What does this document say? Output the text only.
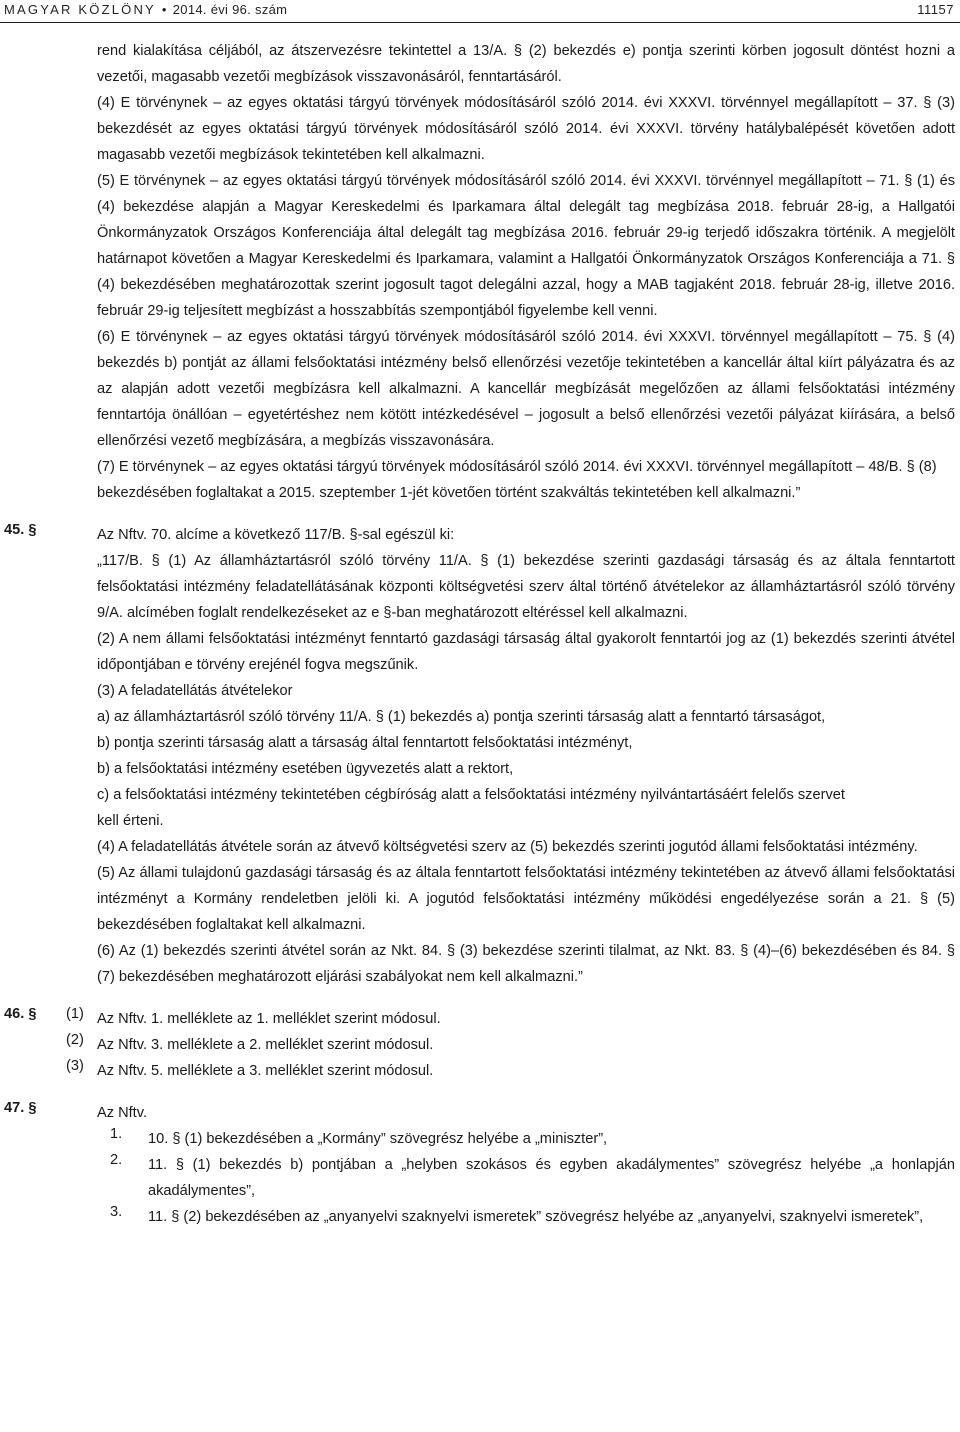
MAGYAR KÖZLÖNY • 2014. évi 96. szám	11157
rend kialakítása céljából, az átszervezésre tekintettel a 13/A. § (2) bekezdés e) pontja szerinti körben jogosult döntést hozni a vezetői, magasabb vezetői megbízások visszavonásáról, fenntartásáról.
(4) E törvénynek – az egyes oktatási tárgyú törvények módosításáról szóló 2014. évi XXXVI. törvénnyel megállapított – 37. § (3) bekezdését az egyes oktatási tárgyú törvények módosításáról szóló 2014. évi XXXVI. törvény hatálybalépését követően adott magasabb vezetői megbízások tekintetében kell alkalmazni.
(5) E törvénynek – az egyes oktatási tárgyú törvények módosításáról szóló 2014. évi XXXVI. törvénnyel megállapított – 71. § (1) és (4) bekezdése alapján a Magyar Kereskedelmi és Iparkamara által delegált tag megbízása 2018. február 28-ig, a Hallgatói Önkormányzatok Országos Konferenciája által delegált tag megbízása 2016. február 29-ig terjedő időszakra történik. A megjelölt határnapot követően a Magyar Kereskedelmi és Iparkamara, valamint a Hallgatói Önkormányzatok Országos Konferenciája a 71. § (4) bekezdésében meghatározottak szerint jogosult tagot delegálni azzal, hogy a MAB tagjaként 2018. február 28-ig, illetve 2016. február 29-ig teljesített megbízást a hosszabbítás szempontjából figyelembe kell venni.
(6) E törvénynek – az egyes oktatási tárgyú törvények módosításáról szóló 2014. évi XXXVI. törvénnyel megállapított – 75. § (4) bekezdés b) pontját az állami felsőoktatási intézmény belső ellenőrzési vezetője tekintetében a kancellár által kiírt pályázatra és az az alapján adott vezetői megbízásra kell alkalmazni. A kancellár megbízását megelőzően az állami felsőoktatási intézmény fenntartója önállóan – egyetértéshez nem kötött intézkedésével – jogosult a belső ellenőrzési vezetői pályázat kiírására, a belső ellenőrzési vezető megbízására, a megbízás visszavonására.
(7) E törvénynek – az egyes oktatási tárgyú törvények módosításáról szóló 2014. évi XXXVI. törvénnyel megállapított – 48/B. § (8) bekezdésében foglaltakat a 2015. szeptember 1-jét követően történt szakváltás tekintetében kell alkalmazni.”
45. §	Az Nftv. 70. alcíme a következő 117/B. §-sal egészül ki:
„117/B. § (1) Az államháztartásról szóló törvény 11/A. § (1) bekezdése szerinti gazdasági társaság és az általa fenntartott felsőoktatási intézmény feladatellátásának központi költségvetési szerv által történő átvételekor az államháztartásról szóló törvény 9/A. alcímében foglalt rendelkezéseket az e §-ban meghatározott eltéréssel kell alkalmazni.
(2) A nem állami felsőoktatási intézményt fenntartó gazdasági társaság által gyakorolt fenntartói jog az (1) bekezdés szerinti átvétel időpontjában e törvény erejénél fogva megszűnik.
(3) A feladatellátás átvételekor
a) az államháztartásról szóló törvény 11/A. § (1) bekezdés a) pontja szerinti társaság alatt a fenntartó társaságot,
b) pontja szerinti társaság alatt a társaság által fenntartott felsőoktatási intézményt,
b) a felsőoktatási intézmény esetében ügyvezetés alatt a rektort,
c) a felsőoktatási intézmény tekintetében cégbíróság alatt a felsőoktatási intézmény nyilvántartásáért felelős szervet
kell érteni.
(4) A feladatellátás átvétele során az átvevő költségvetési szerv az (5) bekezdés szerinti jogutód állami felsőoktatási intézmény.
(5) Az állami tulajdonú gazdasági társaság és az általa fenntartott felsőoktatási intézmény tekintetében az átvevő állami felsőoktatási intézményt a Kormány rendeletben jelöli ki. A jogutód felsőoktatási intézmény működési engedélyezése során a 21. § (5) bekezdésében foglaltakat kell alkalmazni.
(6) Az (1) bekezdés szerinti átvétel során az Nkt. 84. § (3) bekezdése szerinti tilalmat, az Nkt. 83. § (4)–(6) bekezdésében és 84. § (7) bekezdésében meghatározott eljárási szabályokat nem kell alkalmazni.”
46. § (1) Az Nftv. 1. melléklete az 1. melléklet szerint módosul.
(2) Az Nftv. 3. melléklete a 2. melléklet szerint módosul.
(3) Az Nftv. 5. melléklete a 3. melléklet szerint módosul.
47. §	Az Nftv.
1. 10. § (1) bekezdésében a „Kormány” szövegrész helyébe a „miniszter”,
2. 11. § (1) bekezdés b) pontjában a „helyben szokásos és egyben akadálymentes” szövegrész helyébe „a honlapján akadálymentes”,
3. 11. § (2) bekezdésében az „anyanyelvi szaknyelvi ismeretek” szövegrész helyébe az „anyanyelvi, szaknyelvi ismeretek”,
